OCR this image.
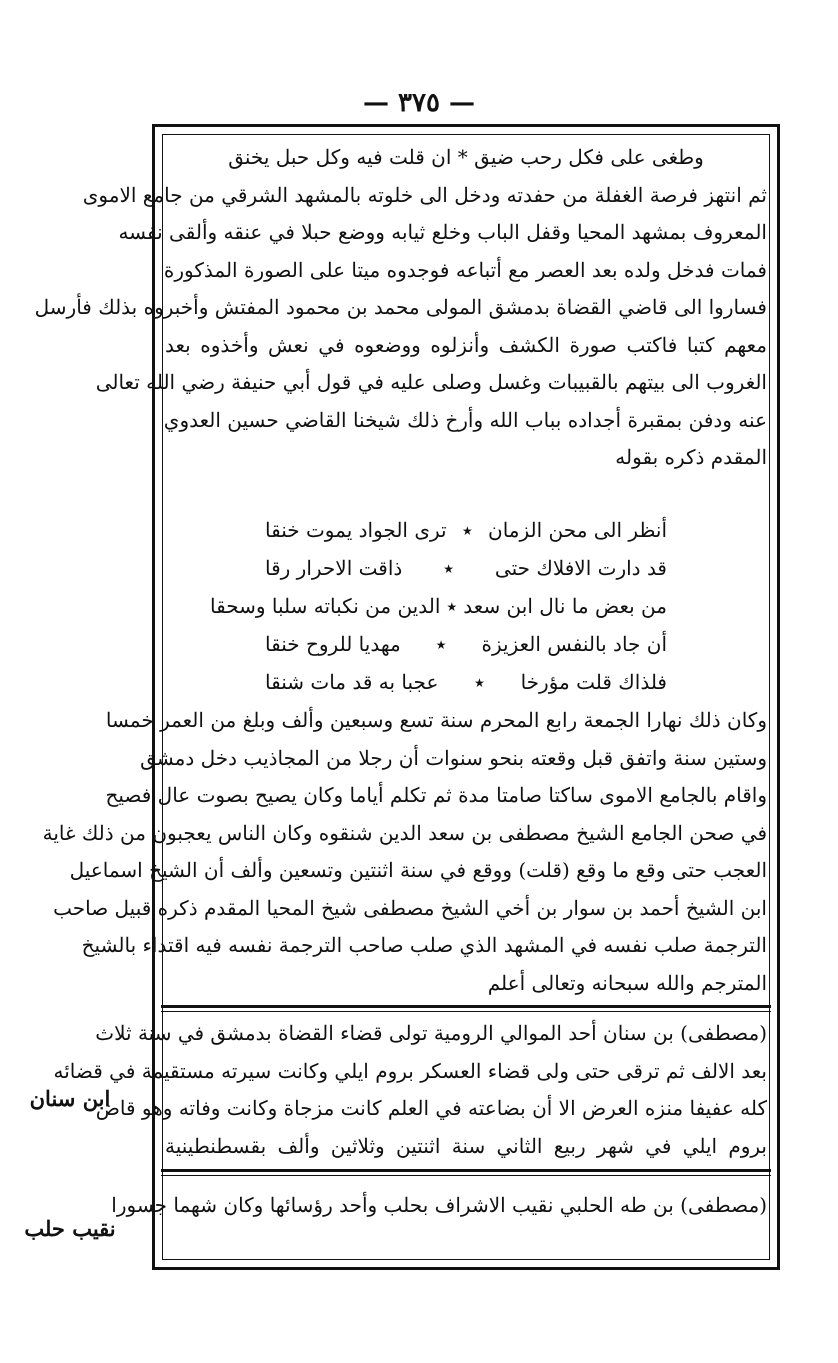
— ٣٧٥ —
ابن سنان
نقيب حلب
وطغى على فكل رحب ضيق * ان قلت فيه وكل حبل يخنق
ثم انتهز فرصة الغفلة من حفدته ودخل الى خلوته بالمشهد الشرقي من جامع الاموى
المعروف بمشهد المحيا وقفل الباب وخلع ثيابه ووضع حبلا في عنقه وألقى نفسه
فمات فدخل ولده بعد العصر مع أتباعه فوجدوه ميتا على الصورة المذكورة
فساروا الى قاضي القضاة بدمشق المولى محمد بن محمود المفتش وأخبروه بذلك فأرسل
معهم كتبا فاكتب صورة الكشف وأنزلوه ووضعوه في نعش وأخذوه بعد
الغروب الى بيتهم بالقبيبات وغسل وصلى عليه في قول أبي حنيفة رضي الله تعالى
عنه ودفن بمقبرة أجداده بباب الله وأرخ ذلك شيخنا القاضي حسين العدوي
المقدم ذكره بقوله
أنظر الى محن الزمان
٭
ترى الجواد يموت خنقا
قد دارت الافلاك حتى
٭
ذاقت الاحرار رقا
من بعض ما نال ابن سعد
٭
الدين من نكباته سلبا وسحقا
أن جاد بالنفس العزيزة
٭
مهديا للروح خنقا
فلذاك قلت مؤرخا
٭
عجبا به قد مات شنقا
وكان ذلك نهارا الجمعة رابع المحرم سنة تسع وسبعين وألف وبلغ من العمر خمسا
وستين سنة واتفق قبل وقعته بنحو سنوات أن رجلا من المجاذيب دخل دمشق
واقام بالجامع الاموى ساكتا صامتا مدة ثم تكلم أياما وكان يصيح بصوت عال فصيح
في صحن الجامع الشيخ مصطفى بن سعد الدين شنقوه وكان الناس يعجبون من ذلك غاية
العجب حتى وقع ما وقع (قلت) ووقع في سنة اثنتين وتسعين وألف أن الشيخ اسماعيل
ابن الشيخ أحمد بن سوار بن أخي الشيخ مصطفى شيخ المحيا المقدم ذكره قبيل صاحب
الترجمة صلب نفسه في المشهد الذي صلب صاحب الترجمة نفسه فيه اقتداء بالشيخ
المترجم والله سبحانه وتعالى أعلم
(مصطفى) بن سنان أحد الموالي الرومية تولى قضاء القضاة بدمشق في سنة ثلاث
بعد الالف ثم ترقى حتى ولى قضاء العسكر بروم ايلي وكانت سيرته مستقيمة في قضائه
كله عفيفا منزه العرض الا أن بضاعته في العلم كانت مزجاة وكانت وفاته وهو قاض
بروم ايلي في شهر ربيع الثاني سنة اثنتين وثلاثين وألف بقسطنطينية
(مصطفى) بن طه الحلبي نقيب الاشراف بحلب وأحد رؤسائها وكان شهما جسورا
